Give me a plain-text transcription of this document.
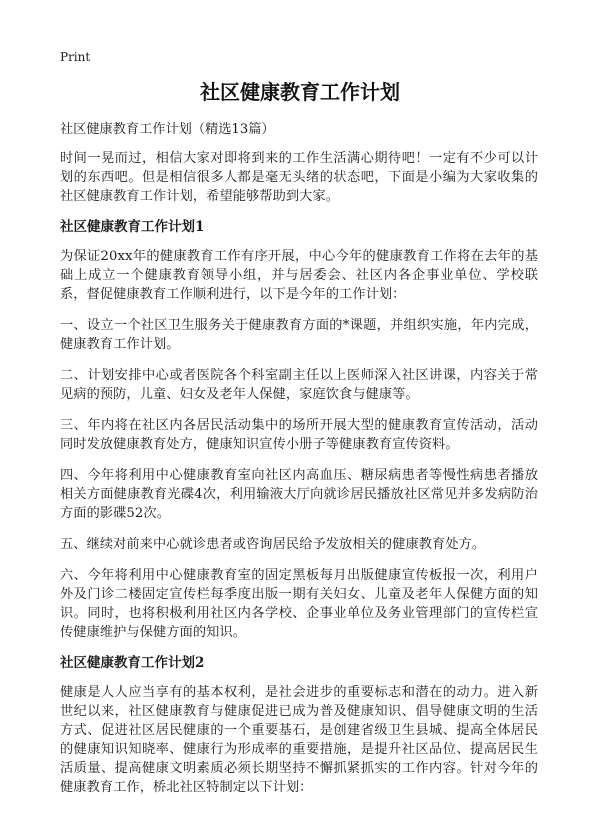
Print
社区健康教育工作计划
社区健康教育工作计划（精选13篇）

时间一晃而过，相信大家对即将到来的工作生活满心期待吧！一定有不少可以计划的东西吧。但是相信很多人都是毫无头绪的状态吧，下面是小编为大家收集的社区健康教育工作计划，希望能够帮助到大家。

社区健康教育工作计划1

为保证20xx年的健康教育工作有序开展，中心今年的健康教育工作将在去年的基础上成立一个健康教育领导小组，并与居委会、社区内各企事业单位、学校联系，督促健康教育工作顺利进行，以下是今年的工作计划：

一、设立一个社区卫生服务关于健康教育方面的*课题，并组织实施，年内完成，健康教育工作计划。

二、计划安排中心或者医院各个科室副主任以上医师深入社区讲课，内容关于常见病的预防，儿童、妇女及老年人保健，家庭饮食与健康等。

三、年内将在社区内各居民活动集中的场所开展大型的健康教育宣传活动，活动同时发放健康教育处方，健康知识宣传小册子等健康教育宣传资料。

四、今年将利用中心健康教育室向社区内高血压、糖尿病患者等慢性病患者播放相关方面健康教育光碟4次，利用输液大厅向就诊居民播放社区常见并多发病防治方面的影碟52次。

五、继续对前来中心就诊患者或咨询居民给予发放相关的健康教育处方。

六、今年将利用中心健康教育室的固定黑板每月出版健康宣传板报一次，利用户外及门诊二楼固定宣传栏每季度出版一期有关妇女、儿童及老年人保健方面的知识。同时，也将积极利用社区内各学校、企事业单位及务业管理部门的宣传栏宣传健康维护与保健方面的知识。

社区健康教育工作计划2

健康是人人应当享有的基本权利，是社会进步的重要标志和潜在的动力。进入新世纪以来，社区健康教育与健康促进已成为普及健康知识、倡导健康文明的生活方式、促进社区居民健康的一个重要基石，是创建省级卫生县城、提高全体居民的健康知识知晓率、健康行为形成率的重要措施，是提升社区品位、提高居民生活质量、提高健康文明素质必须长期坚持不懈抓紧抓实的工作内容。针对今年的健康教育工作，桥北社区特制定以下计划：
